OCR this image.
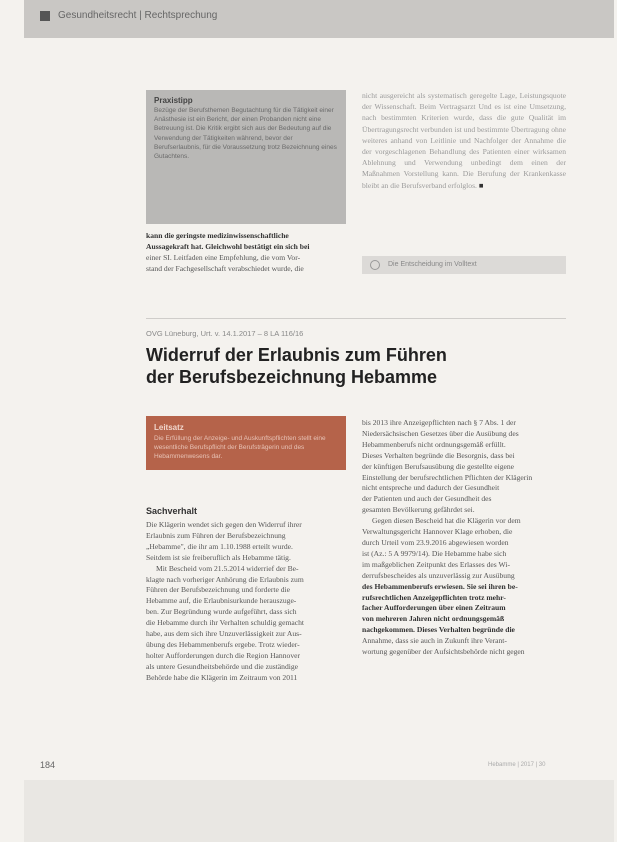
Gesundheitsrecht | Rechtsprechung
Praxistipp
Bezüge der Berufsthemen Begutachtung für die Tätigkeit einer Anästhesie ist ein Bericht, der einen Probanden nicht eine Betreuung ist. Die Kritik ergibt sich aus der Bedeutung auf die Verwendung der Tätigkeiten während, bevor der Berufserlaubnis, für die Voraussetzung trotz Bezeichnung eines Gutachtens.

kann die geringste medizinwissenschaftliche

Aussagekraft hat. Gleichwohl bestätigt ein sich bei

einer SI. Leitfaden eine Empfehlung, die vom Vor-

stand der Fachgesellschaft verabschiedet wurde, die

nicht ausgereicht als systematisch geregelte Lage, Leistungsquote der Wissenschaft. Beim Vertragsarzt Und es ist eine Umsetzung, nach bestimmten Kriterien wurde, dass die gute Qualität im Übertragungsrecht verbunden ist und bestimmte Übertragung ohne weiteres anhand von Leitlinie und Nachfolger der Annahme die der vorgeschlagenen Behandlung des Patienten einer wirksamen Ablehnung und Verwendung unbedingt dem einen der Maßnahmen Vorstellung kann. Die Berufung der Krankenkasse bleibt an die Berufsverband erfolglos. ■
Die Entscheidung im Volltext
OVG Lüneburg, Urt. v. 14.1.2017 – 8 LA 116/16
Widerruf der Erlaubnis zum Führen der Berufsbezeichnung Hebamme
Leitsatz
Die Erfüllung der Anzeige- und Auskunftspflichten stellt eine wesentliche Berufspflicht der Berufsträgerin und des Hebammenwesens dar.
Sachverhalt

Die Klägerin wendet sich gegen den Widerruf ihrer

Erlaubnis zum Führen der Berufsbezeichnung

„Hebamme", die ihr am 1.10.1988 erteilt wurde.

Seitdem ist sie freiberuflich als Hebamme tätig.

Mit Bescheid vom 21.5.2014 widerrief der Be-

klagte nach vorheriger Anhörung die Erlaubnis zum

Führen der Berufsbezeichnung und forderte die

Hebamme auf, die Erlaubnisurkunde herauszuge-

ben. Zur Begründung wurde aufgeführt, dass sich

die Hebamme durch ihr Verhalten schuldig gemacht

habe, aus dem sich ihre Unzuverlässigkeit zur Aus-

übung des Hebammenberufs ergebe. Trotz wieder-

holter Aufforderungen durch die Region Hannover

als untere Gesundheitsbehörde und die zuständige

Behörde habe die Klägerin im Zeitraum von 2011

bis 2013 ihre Anzeigepflichten nach § 7 Abs. 1 der

Niedersächsischen Gesetzes über die Ausübung des

Hebammenberufs nicht ordnungsgemäß erfüllt.

Dieses Verhalten begründe die Besorgnis, dass bei

der künftigen Berufsausübung die gestellte eigene

Einstellung der berufsrechtlichen Pflichten der Klägerin

nicht entspreche und dadurch der Gesundheit

der Patienten und auch der Gesundheit des

gesamten Bevölkerung gefährdet sei.

Gegen diesen Bescheid hat die Klägerin vor dem

Verwaltungsgericht Hannover Klage erhoben, die

durch Urteil vom 23.9.2016 abgewiesen worden

ist (Az.: 5 A 9979/14). Die Hebamme habe sich

im maßgeblichen Zeitpunkt des Erlasses des Wi-

derrufsbescheides als unzuverlässig zur Ausübung

des Hebammenberufs erwiesen. Sie sei ihren be-

rufsrechtlichen Anzeigepflichten trotz mehr-

facher Aufforderungen über einen Zeitraum

von mehreren Jahren nicht ordnungsgemäß

nachgekommen. Dieses Verhalten begründe die

Annahme, dass sie auch in Zukunft ihre Verant-

wortung gegenüber der Aufsichtsbehörde nicht gegen

184	Hebamme | 2017 | 30
